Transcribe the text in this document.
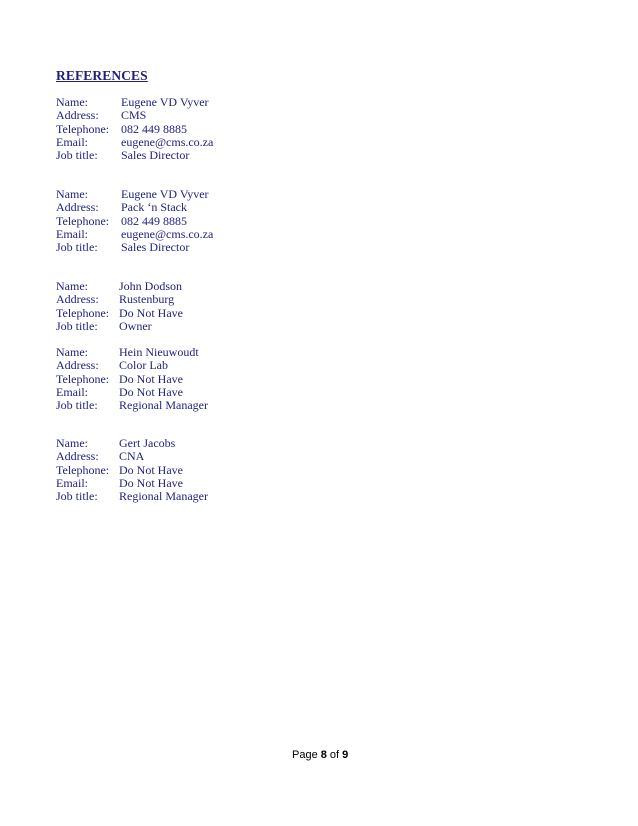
REFERENCES
Name:	Eugene VD Vyver
Address:	CMS
Telephone: 082 449 8885
Email:	eugene@cms.co.za
Job title:	Sales Director
Name:	Eugene VD Vyver
Address:	Pack ‘n Stack
Telephone: 082 449 8885
Email:	eugene@cms.co.za
Job title:	Sales Director
Name:	John Dodson
Address:	Rustenburg
Telephone: Do Not Have
Job title:	Owner
Name:	Hein Nieuwoudt
Address:	Color Lab
Telephone: Do Not Have
Email:	Do Not Have
Job title:	Regional Manager
Name:	Gert Jacobs
Address:	CNA
Telephone: Do Not Have
Email:	Do Not Have
Job title:	Regional Manager
Page 8 of 9
